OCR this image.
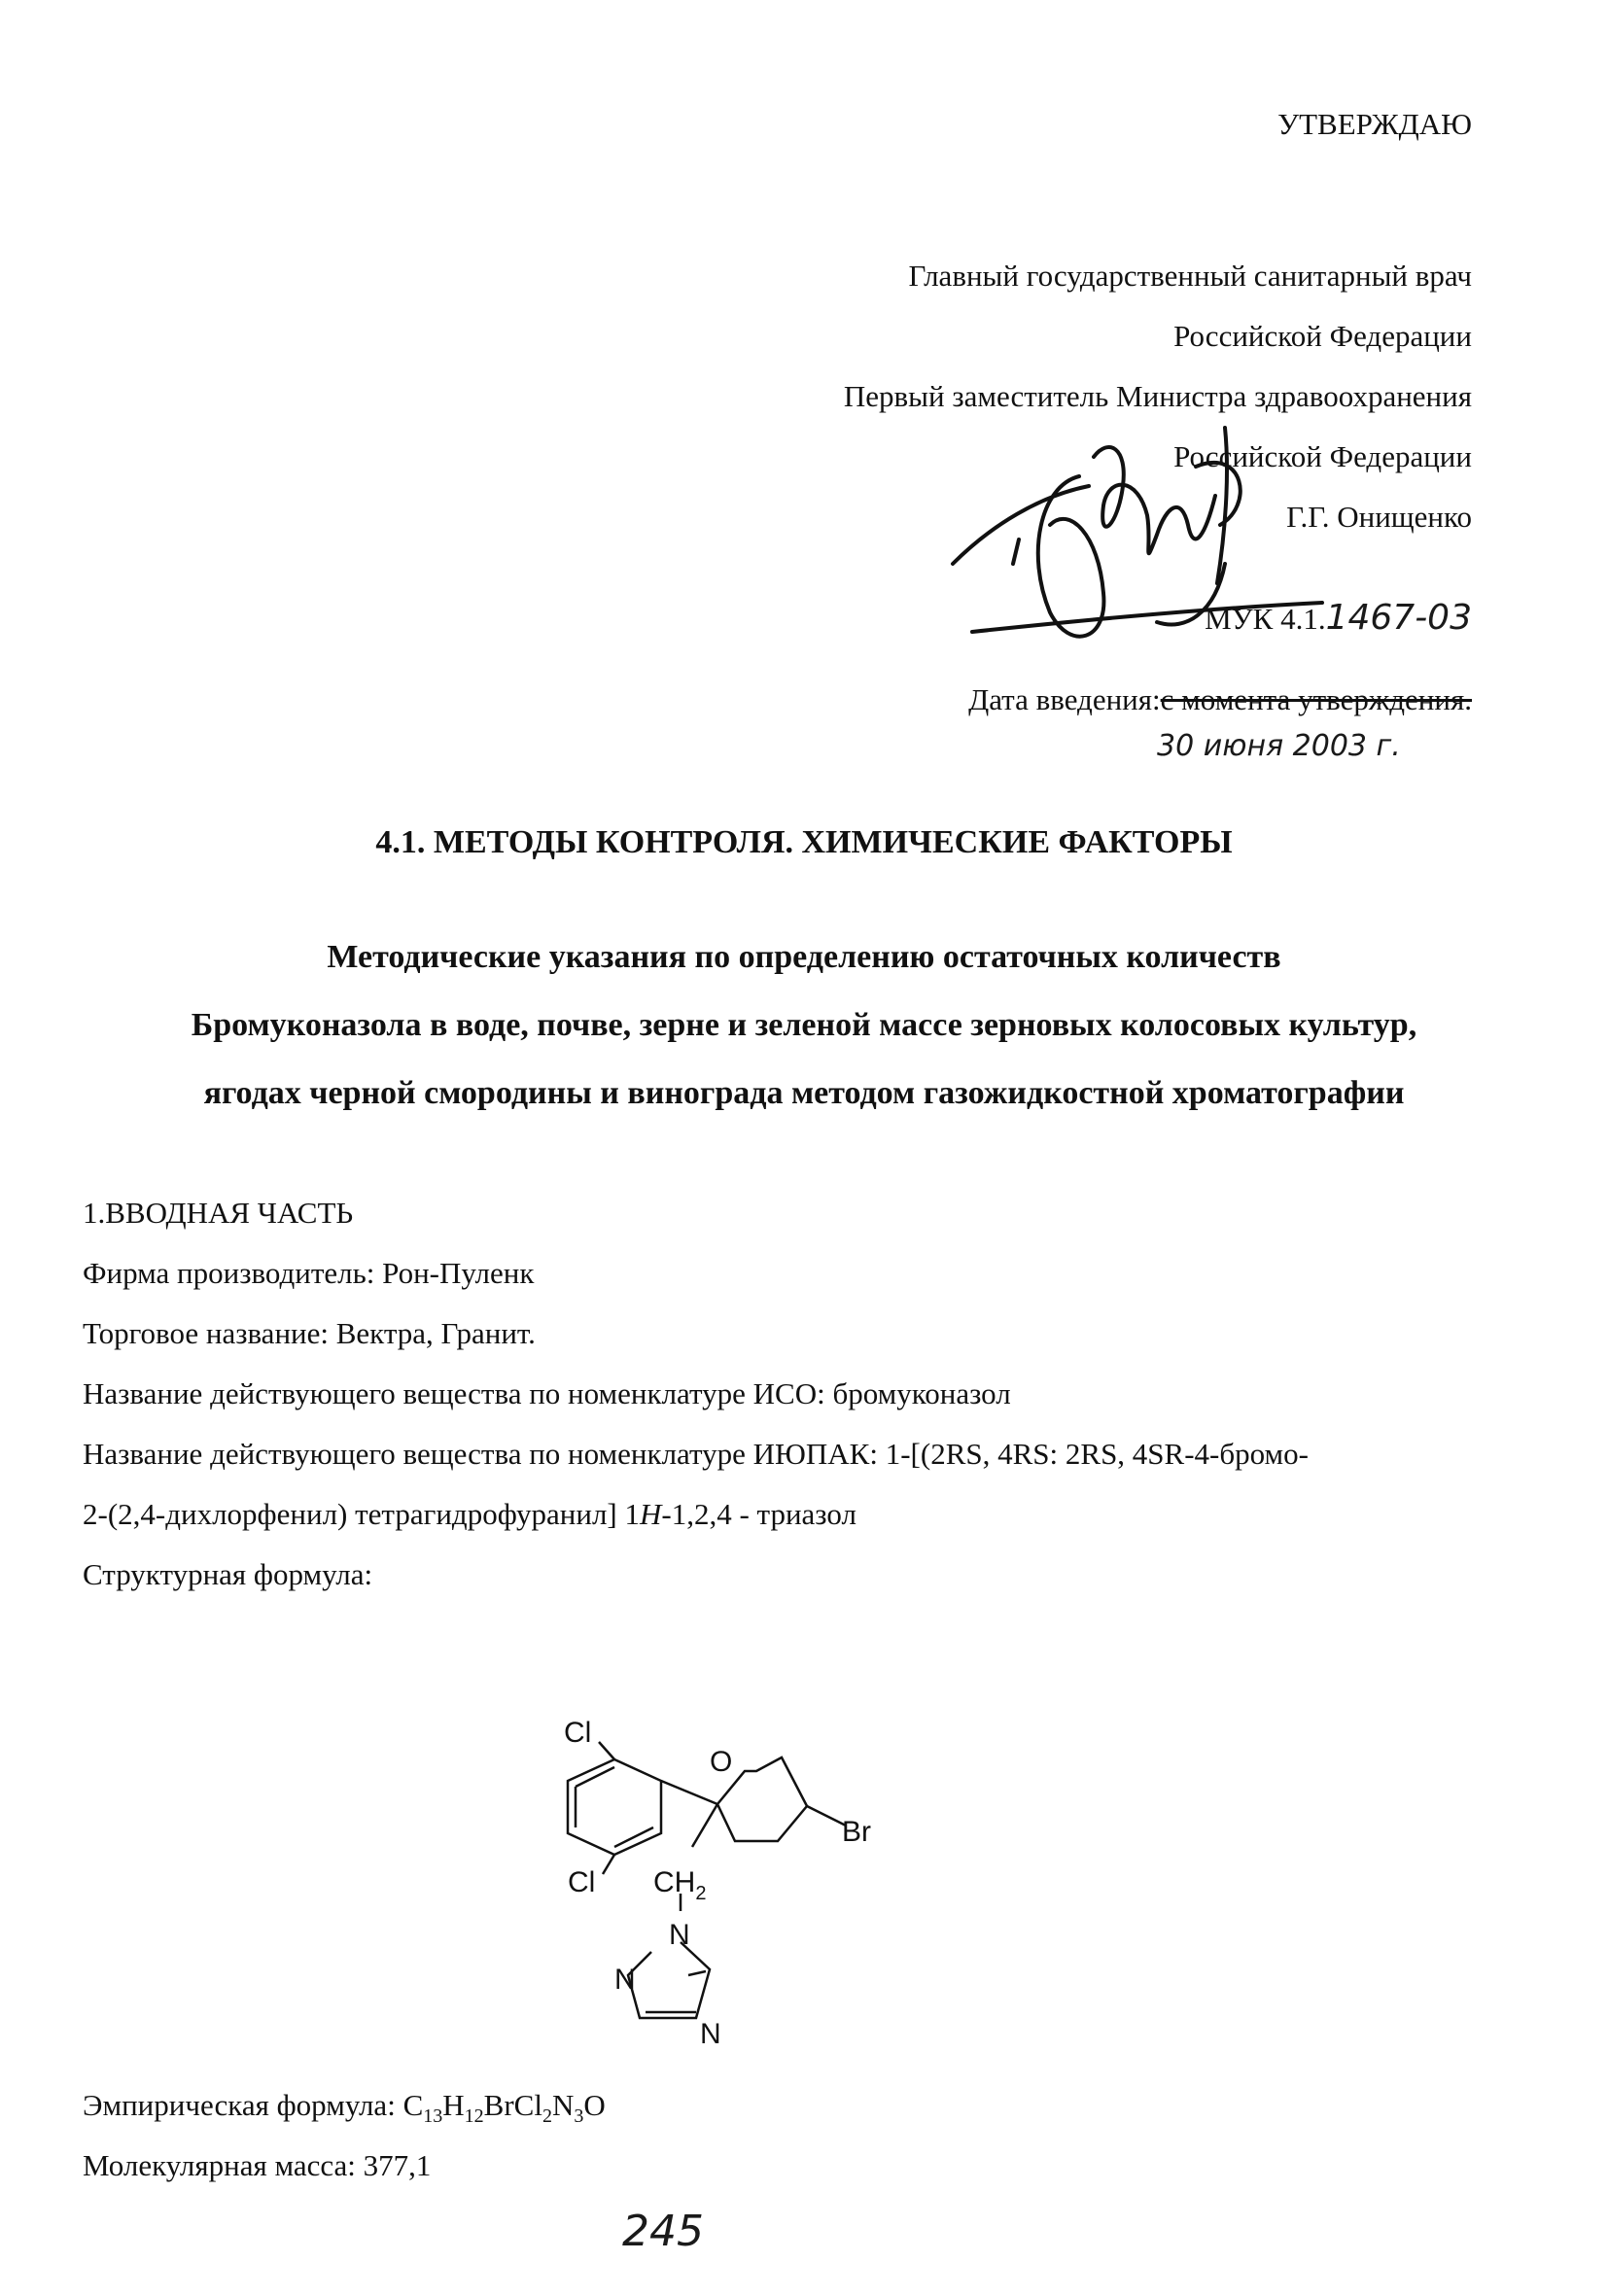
УТВЕРЖДАЮ
Главный государственный санитарный врач
Российской Федерации
Первый заместитель Министра здравоохранения
Российской Федерации
Г.Г. Онищенко
МУК 4.1.1467-03
Дата введения:с момента утверждения.
30 июня 2003 г.
4.1. МЕТОДЫ КОНТРОЛЯ. ХИМИЧЕСКИЕ ФАКТОРЫ
Методические указания по определению остаточных количеств
Бромуконазола в воде, почве, зерне и зеленой массе зерновых колосовых культур,
ягодах черной смородины и винограда методом газожидкостной хроматографии
1.ВВОДНАЯ ЧАСТЬ
Фирма производитель: Рон-Пуленк
Торговое название: Вектра, Гранит.
Название действующего вещества по номенклатуре ИСО: бромуконазол
Название действующего вещества по номенклатуре ИЮПАК: 1-[(2RS, 4RS: 2RS, 4SR-4-бромо-
2-(2,4-дихлорфенил) тетрагидрофуранил] 1H-1,2,4 - триазол
Структурная формула:
Cl
O
Br
Cl $CH_2$
N
N
N
Эмпирическая формула: $C_{13}H_{12}BrCl_2N_3O$
Молекулярная масса: 377,1
245
